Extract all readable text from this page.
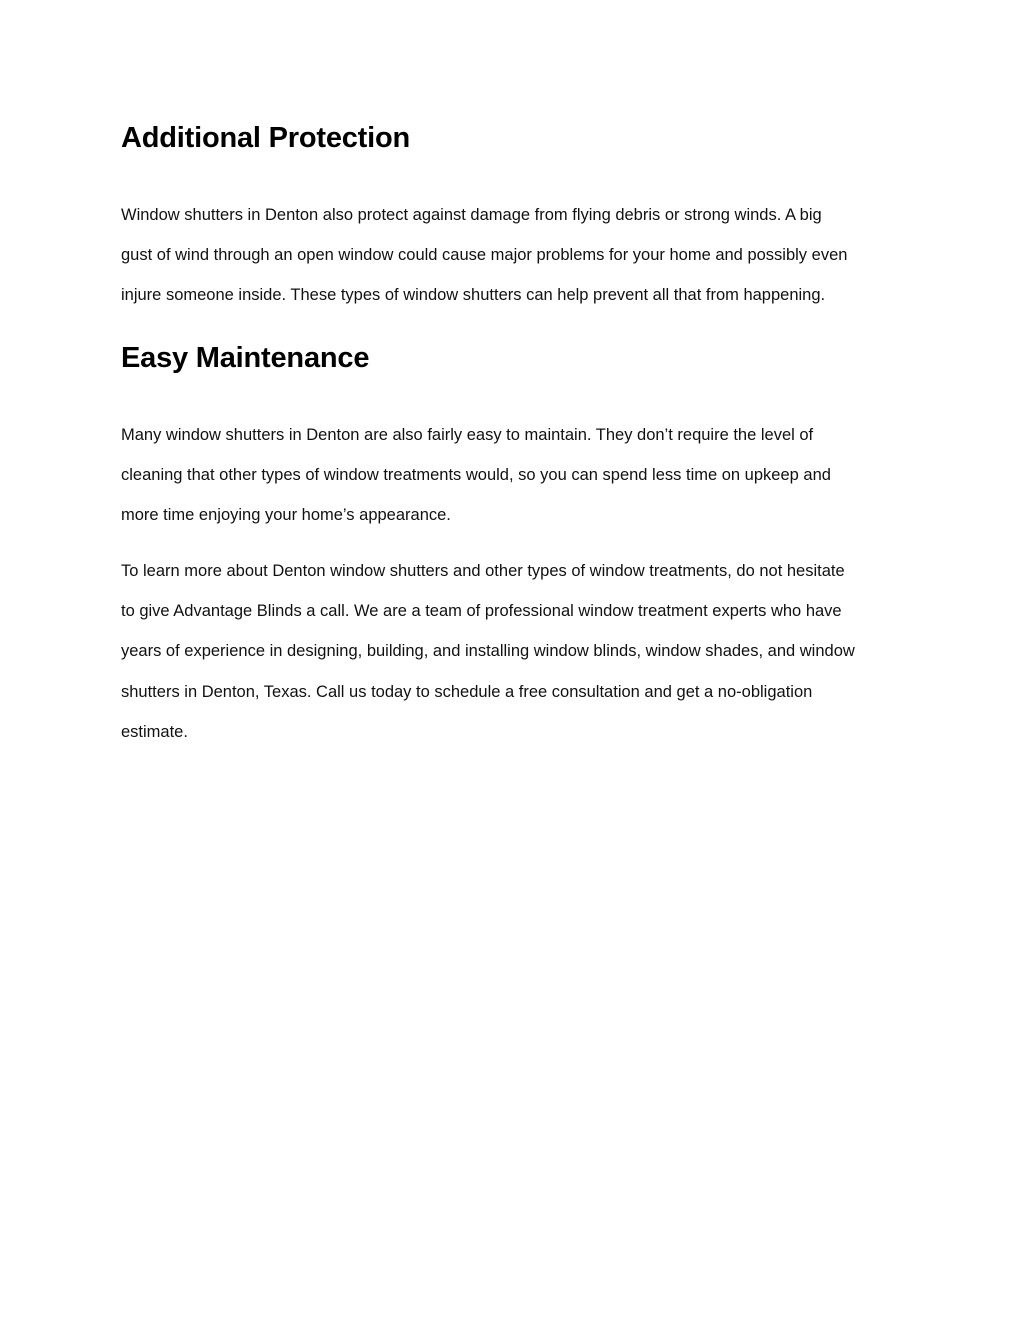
Additional Protection

Window shutters in Denton also protect against damage from flying debris or strong winds. A big
gust of wind through an open window could cause major problems for your home and possibly even
injure someone inside. These types of window shutters can help prevent all that from happening.

Easy Maintenance

Many window shutters in Denton are also fairly easy to maintain. They don’t require the level of
cleaning that other types of window treatments would, so you can spend less time on upkeep and
more time enjoying your home’s appearance.

To learn more about Denton window shutters and other types of window treatments, do not hesitate
to give Advantage Blinds a call. We are a team of professional window treatment experts who have
years of experience in designing, building, and installing window blinds, window shades, and window
shutters in Denton, Texas. Call us today to schedule a free consultation and get a no-obligation
estimate.
